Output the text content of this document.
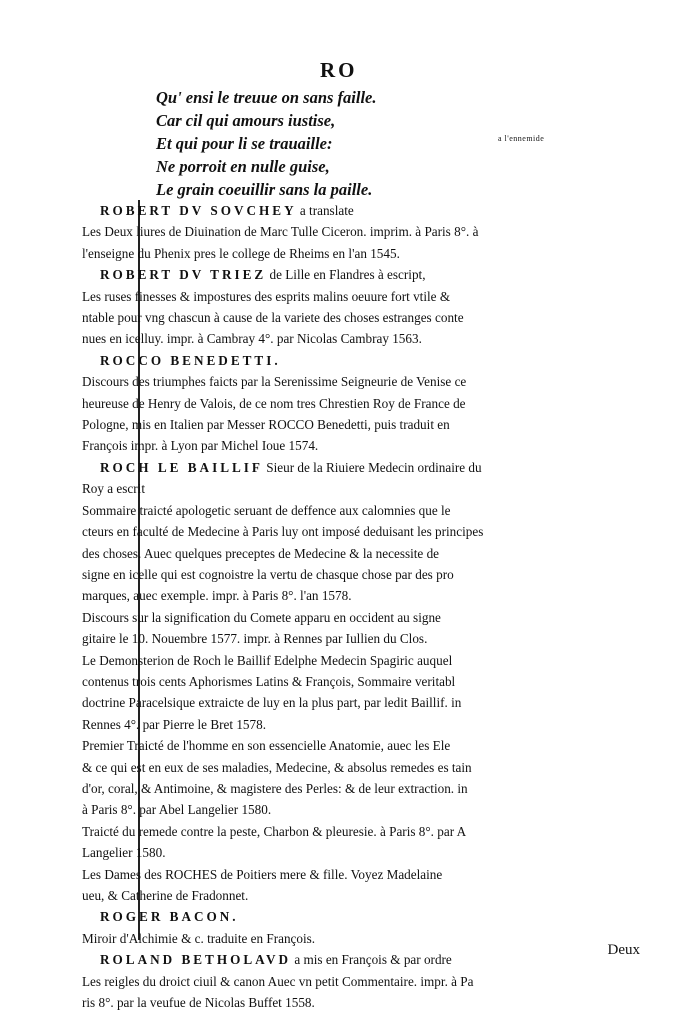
RO
Qu' ensi le treuue on sans faille.
Car cil qui amours iustise,
Et qui pour li se trauaille:
Ne porroit en nulle guise,
Le grain coeuillir sans la paille.
a l'ennemide
ROBERT DV SOVCHEY a translate
Les Deux liures de Diuination de Marc Tulle Ciceron. imprim. à Paris 8°. à
l'enseigne du Phenix pres le college de Rheims en l'an 1545.
ROBERT DV TRIEZ de Lille en Flandres à escript,
Les ruses finesses & impostures des esprits malins oeuure fort vtile &
ntable pour vng chascun à cause de la variete des choses estranges conte
nues en icelluy. impr. à Cambray 4°. par Nicolas Cambray 1563.
ROCCO BENEDETTI.
Discours des triumphes faicts par la Serenissime Seigneurie de Venise ce
heureuse de Henry de Valois, de ce nom tres Chrestien Roy de France de
Pologne, mis en Italien par Messer ROCCO Benedetti, puis traduit en
François impr. à Lyon par Michel Ioue 1574.
ROCH LE BAILLIF Sieur de la Riuiere Medecin ordinaire du
Roy a escrit
Sommaire traicté apologetic seruant de deffence aux calomnies que le
cteurs en faculté de Medecine à Paris luy ont imposé deduisant les principes
des choses. Auec quelques preceptes de Medecine & la necessite de
signe en icelle qui est cognoistre la vertu de chasque chose par des pro
marques, auec exemple. impr. à Paris 8°. l'an 1578.
Discours sur la signification du Comete apparu en occident au signe
gitaire le 10. Nouembre 1577. impr. à Rennes par Iullien du Clos.
Le Demonsterion de Roch le Baillif Edelphe Medecin Spagiric auquel
contenus trois cents Aphorismes Latins & François, Sommaire veritabl
doctrine Paracelsique extraicte de luy en la plus part, par ledit Baillif. in
Rennes 4°. par Pierre le Bret 1578.
Premier Traicté de l'homme en son essencielle Anatomie, auec les Ele
& ce qui est en eux de ses maladies, Medecine, & absolus remedes es tain
d'or, coral, & Antimoine, & magistere des Perles: & de leur extraction. in
à Paris 8°. par Abel Langelier 1580.
Traicté du remede contre la peste, Charbon & pleuresie. à Paris 8°. par A
Langelier 1580.
Les Dames des ROCHES de Poitiers mere & fille. Voyez Madelaine
ueu, & Catherine de Fradonnet.
ROGER BACON.
Miroir d'Alchimie & c. traduite en François.
ROLAND BETHOLAVD a mis en François & par ordre
Les reigles du droict ciuil & canon Auec vn petit Commentaire. impr. à Pa
ris 8°. par la veufue de Nicolas Buffet 1558.
Deux
